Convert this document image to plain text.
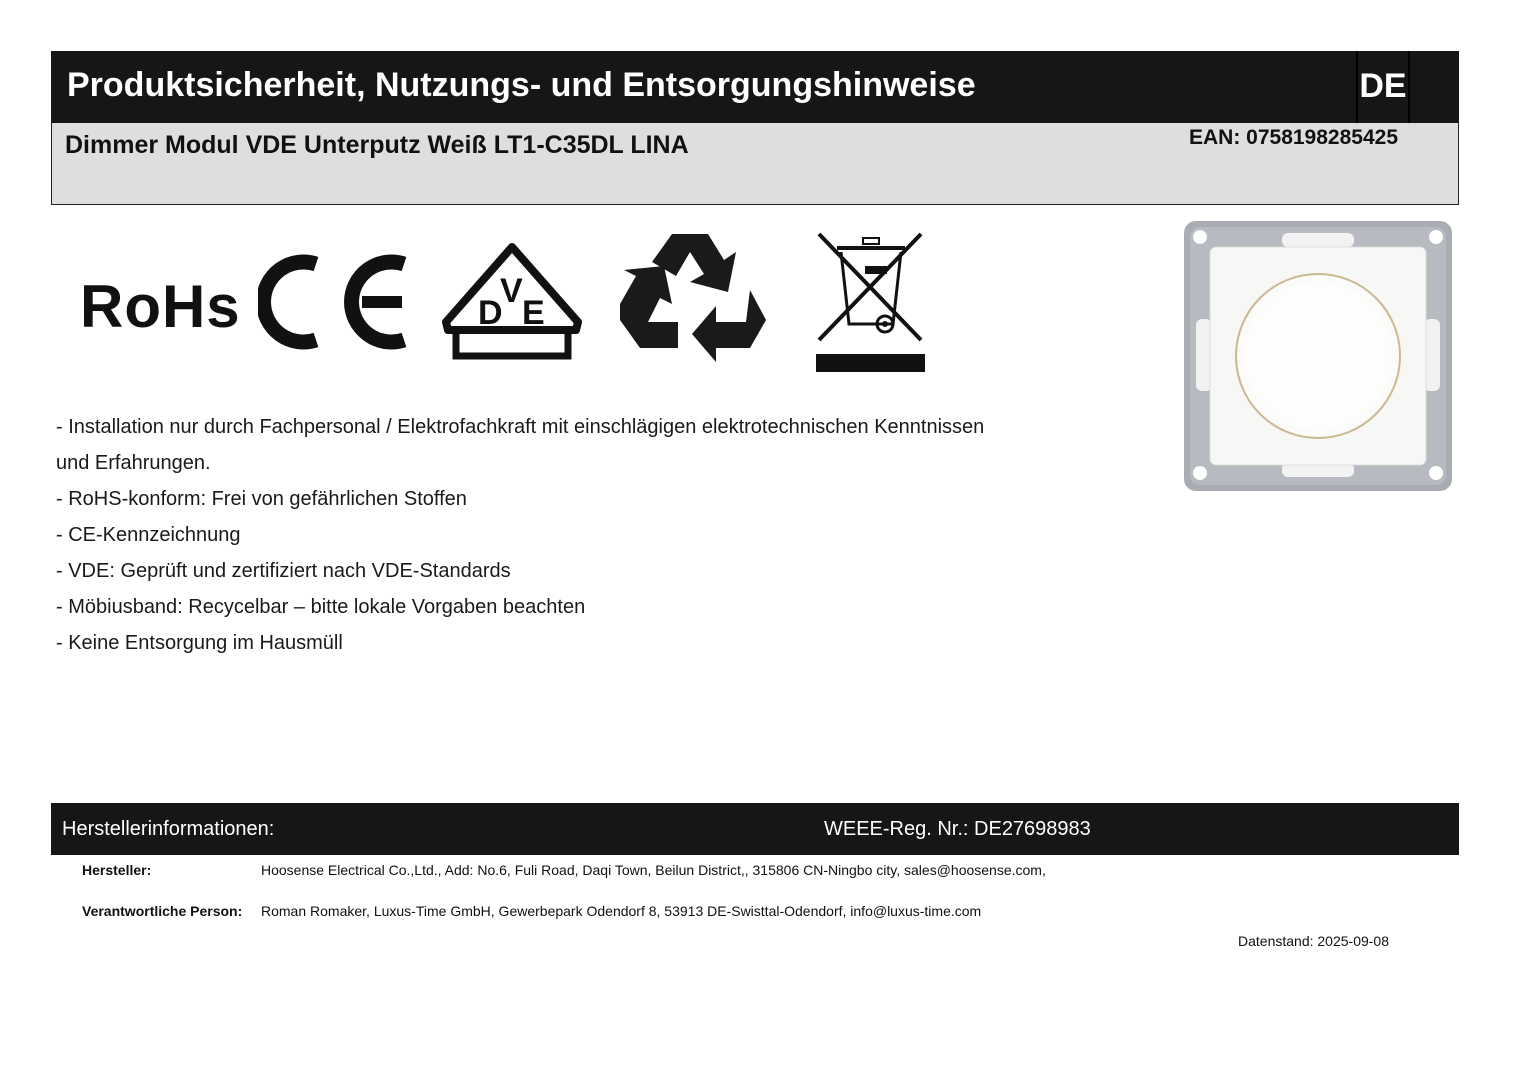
Produktsicherheit, Nutzungs- und Entsorgungshinweise	DE
Dimmer Modul VDE Unterputz Weiß LT1-C35DL LINA	EAN: 0758198285425
RoHs	D
V
E
- Installation nur durch Fachpersonal / Elektrofachkraft mit einschlägigen elektrotechnischen Kenntnissen
und Erfahrungen.
- RoHS-konform: Frei von gefährlichen Stoffen
- CE-Kennzeichnung
- VDE: Geprüft und zertifiziert nach VDE-Standards
- Möbiusband: Recycelbar – bitte lokale Vorgaben beachten
- Keine Entsorgung im Hausmüll
Herstellerinformationen:	WEEE-Reg. Nr.: DE27698983
Hersteller:	Hoosense Electrical Co.,Ltd., Add: No.6, Fuli Road, Daqi Town, Beilun District,, 315806 CN-Ningbo city, sales@hoosense.com,
Verantwortliche Person: Roman Romaker, Luxus-Time GmbH, Gewerbepark Odendorf 8, 53913 DE-Swisttal-Odendorf, info@luxus-time.com
Datenstand: 2025-09-08
